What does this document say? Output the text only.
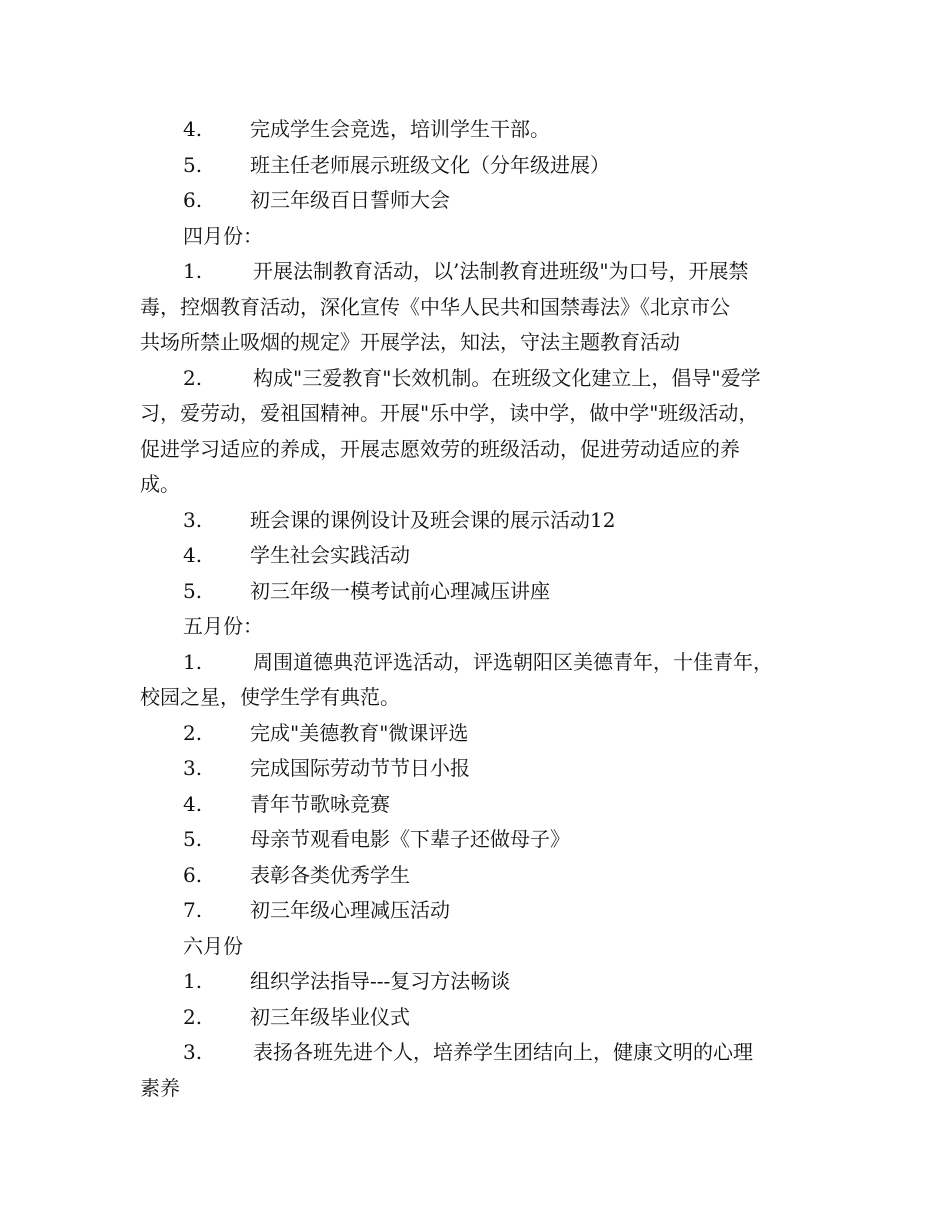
4. 完成学生会竞选，培训学生干部。

5. 班主任老师展示班级文化（分年级进展）

6. 初三年级百日誓师大会

四月份：

1.	开展法制教育活动，以’法制教育进班级"为口号，开展禁
毒，控烟教育活动，深化宣传《中华人民共和国禁毒法》《北京市公
共场所禁止吸烟的规定》开展学法，知法，守法主题教育活动
2.	构成"三爱教育"长效机制。在班级文化建立上，倡导"爱学
习，爱劳动，爱祖国精神。开展"乐中学，读中学，做中学"班级活动，
促进学习适应的养成，开展志愿效劳的班级活动，促进劳动适应的养
成。

3. 班会课的课例设计及班会课的展示活动12

4. 学生社会实践活动

5. 初三年级一模考试前心理减压讲座

五月份：

1.	周围道德典范评选活动，评选朝阳区美德青年，十佳青年，
校园之星，使学生学有典范。

2. 完成"美德教育"微课评选

3. 完成国际劳动节节日小报

4. 青年节歌咏竞赛

5. 母亲节观看电影《下辈子还做母子》

6. 表彰各类优秀学生

7. 初三年级心理减压活动

六月份

1. 组织学法指导---复习方法畅谈

2. 初三年级毕业仪式

3.	表扬各班先进个人，培养学生团结向上，健康文明的心理
素养
